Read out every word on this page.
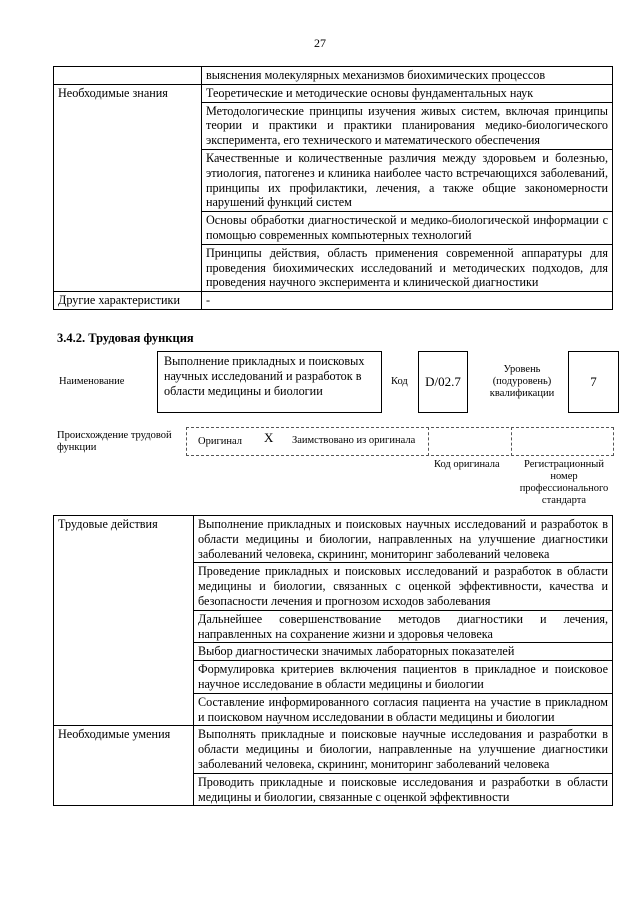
27
	выяснения молекулярных механизмов биохимических процессов
Необходимые знания	Теоретические и методические основы фундаментальных наук
	Методологические принципы изучения живых систем, включая принципы теории и практики и практики планирования медико-биологического эксперимента, его технического и математического обеспечения
	Качественные и количественные различия между здоровьем и болезнью, этиология, патогенез и клиника наиболее часто встречающихся заболеваний, принципы их профилактики, лечения, а также общие закономерности нарушений функций систем
	Основы обработки диагностической и медико-биологической информации с помощью современных компьютерных технологий
	Принципы действия, область применения современной аппаратуры для проведения биохимических исследований и методических подходов, для проведения научного эксперимента и клинической диагностики
Другие характеристики	-
3.4.2. Трудовая функция
Наименование
Выполнение прикладных и поисковых научных исследований и разработок в области медицины и биологии
Код	D/02.7
Уровень (подуровень) квалификации
7
Происхождение трудовой функции
Оригинал X Заимствовано из оригинала
Код оригинала	Регистрационный номер профессионального стандарта
Трудовые действия	Выполнение прикладных и поисковых научных исследований и разработок в области медицины и биологии, направленных на улучшение диагностики заболеваний человека, скрининг, мониторинг заболеваний человека
	Проведение прикладных и поисковых исследований и разработок в области медицины и биологии, связанных с оценкой эффективности, качества и безопасности лечения и прогнозом исходов заболевания
	Дальнейшее совершенствование методов диагностики и лечения, направленных на сохранение жизни и здоровья человека
	Выбор диагностически значимых лабораторных показателей
	Формулировка критериев включения пациентов в прикладное и поисковое научное исследование в области медицины и биологии
	Составление информированного согласия пациента на участие в прикладном и поисковом научном исследовании в области медицины и биологии
Необходимые умения	Выполнять прикладные и поисковые научные исследования и разработки в области медицины и биологии, направленные на улучшение диагностики заболеваний человека, скрининг, мониторинг заболеваний человека
	Проводить прикладные и поисковые исследования и разработки в области медицины и биологии, связанные с оценкой эффективности
